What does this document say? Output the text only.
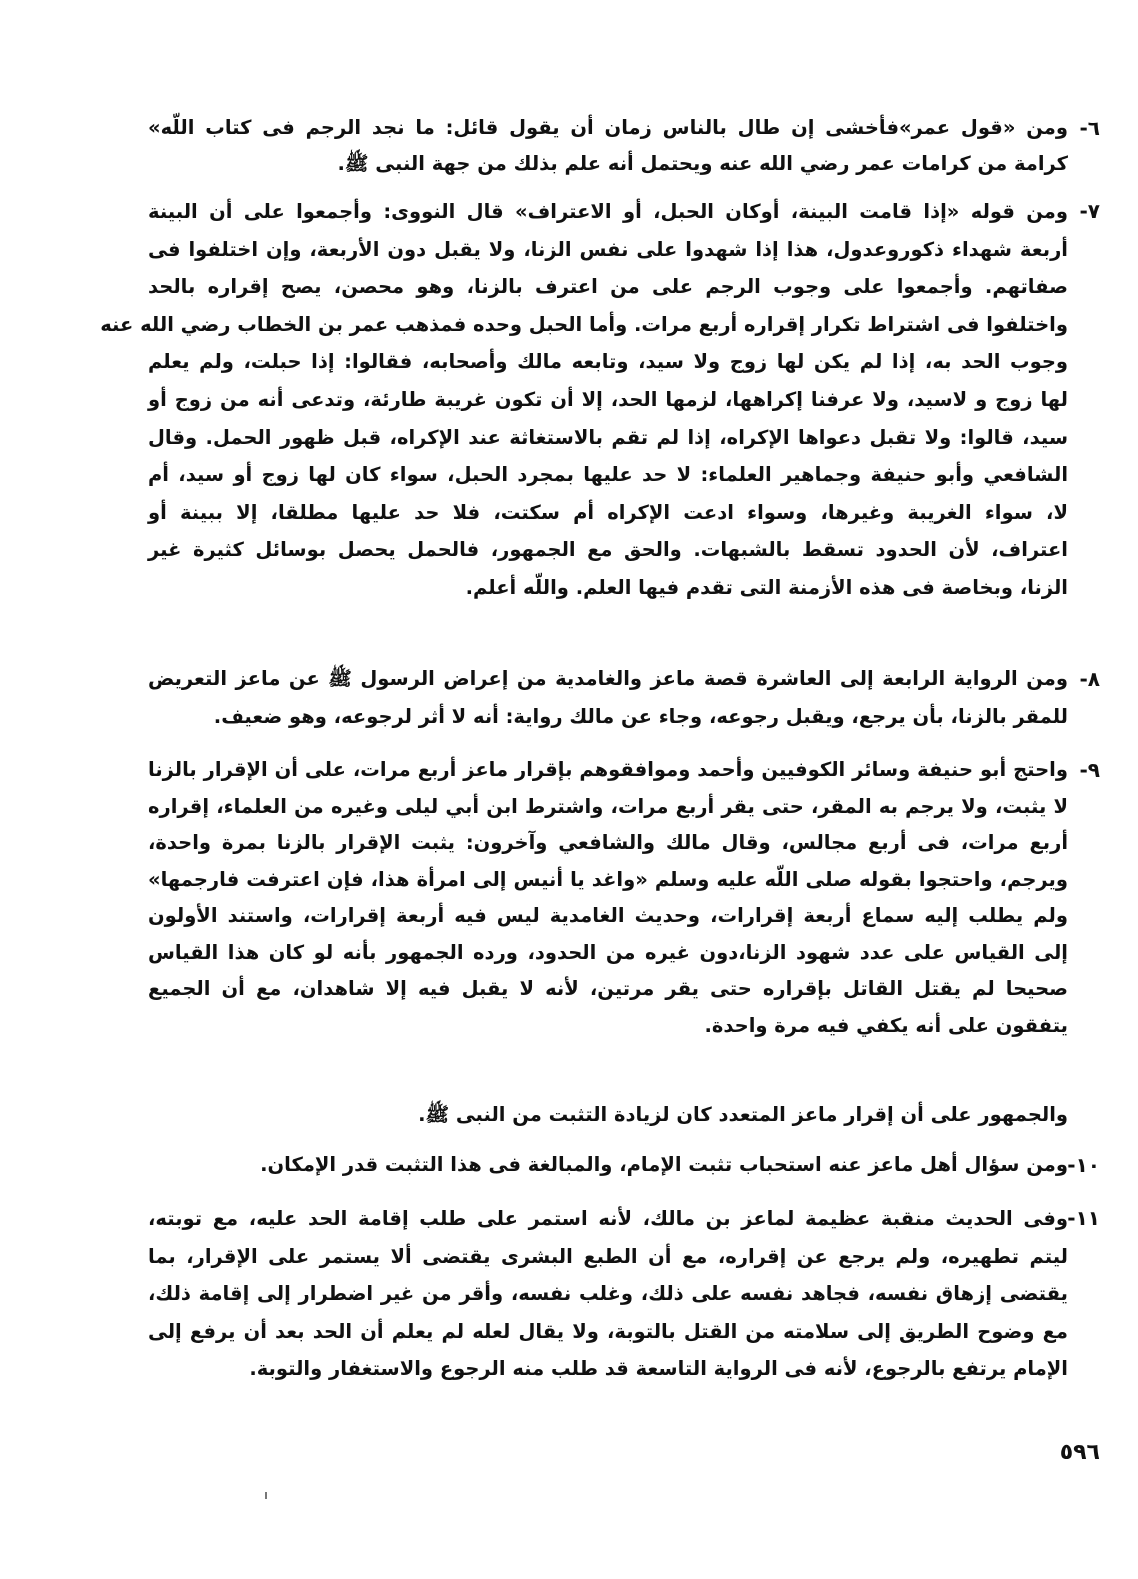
٦-
ومن «قول عمر»فأخشى إن طال بالناس زمان أن يقول قائل: ما نجد الرجم فى كتاب اللّه»
كرامة من كرامات عمر رضي الله عنه ويحتمل أنه علم بذلك من جهة النبى ﷺ.
٧-
ومن قوله «إذا قامت البينة، أوكان الحبل، أو الاعتراف» قال النووى: وأجمعوا على أن البينة
أربعة شهداء ذكوروعدول، هذا إذا شهدوا على نفس الزنا، ولا يقبل دون الأربعة، وإن اختلفوا فى
صفاتهم. وأجمعوا على وجوب الرجم على من اعترف بالزنا، وهو محصن، يصح إقراره بالحد
واختلفوا فى اشتراط تكرار إقراره أربع مرات. وأما الحبل وحده فمذهب عمر بن الخطاب رضي الله عنه
وجوب الحد به، إذا لم يكن لها زوج ولا سيد، وتابعه مالك وأصحابه، فقالوا: إذا حبلت، ولم يعلم
لها زوج و لاسيد، ولا عرفنا إكراهها، لزمها الحد، إلا أن تكون غريبة طارئة، وتدعى أنه من زوج أو
سيد، قالوا: ولا تقبل دعواها الإكراه، إذا لم تقم بالاستغاثة عند الإكراه، قبل ظهور الحمل. وقال
الشافعي وأبو حنيفة وجماهير العلماء: لا حد عليها بمجرد الحبل، سواء كان لها زوج أو سيد، أم
لا، سواء الغريبة وغيرها، وسواء ادعت الإكراه أم سكتت، فلا حد عليها مطلقا، إلا ببينة أو
اعتراف، لأن الحدود تسقط بالشبهات. والحق مع الجمهور، فالحمل يحصل بوسائل كثيرة غير
الزنا، وبخاصة فى هذه الأزمنة التى تقدم فيها العلم. واللّه أعلم.
٨-
ومن الرواية الرابعة إلى العاشرة قصة ماعز والغامدية من إعراض الرسول ﷺ عن ماعز التعريض
للمقر بالزنا، بأن يرجع، ويقبل رجوعه، وجاء عن مالك رواية: أنه لا أثر لرجوعه، وهو ضعيف.
٩-
واحتج أبو حنيفة وسائر الكوفيين وأحمد وموافقوهم بإقرار ماعز أربع مرات، على أن الإقرار بالزنا
لا يثبت، ولا يرجم به المقر، حتى يقر أربع مرات، واشترط ابن أبي ليلى وغيره من العلماء، إقراره
أربع مرات، فى أربع مجالس، وقال مالك والشافعي وآخرون: يثبت الإقرار بالزنا بمرة واحدة،
ويرجم، واحتجوا بقوله صلى اللّه عليه وسلم «واغد يا أنيس إلى امرأة هذا، فإن اعترفت فارجمها»
ولم يطلب إليه سماع أربعة إقرارات، وحديث الغامدية ليس فيه أربعة إقرارات، واستند الأولون
إلى القياس على عدد شهود الزنا،دون غيره من الحدود، ورده الجمهور بأنه لو كان هذا القياس
صحيحا لم يقتل القاتل بإقراره حتى يقر مرتين، لأنه لا يقبل فيه إلا شاهدان، مع أن الجميع
يتفقون على أنه يكفي فيه مرة واحدة.
والجمهور على أن إقرار ماعز المتعدد كان لزيادة التثبت من النبى ﷺ.
١٠-
ومن سؤال أهل ماعز عنه استحباب تثبت الإمام، والمبالغة فى هذا التثبت قدر الإمكان.
١١-
وفى الحديث منقبة عظيمة لماعز بن مالك، لأنه استمر على طلب إقامة الحد عليه، مع توبته،
ليتم تطهيره، ولم يرجع عن إقراره، مع أن الطبع البشرى يقتضى ألا يستمر على الإقرار، بما
يقتضى إزهاق نفسه، فجاهد نفسه على ذلك، وغلب نفسه، وأقر من غير اضطرار إلى إقامة ذلك،
مع وضوح الطريق إلى سلامته من القتل بالتوبة، ولا يقال لعله لم يعلم أن الحد بعد أن يرفع إلى
الإمام يرتفع بالرجوع، لأنه فى الرواية التاسعة قد طلب منه الرجوع والاستغفار والتوبة.
٥٩٦
